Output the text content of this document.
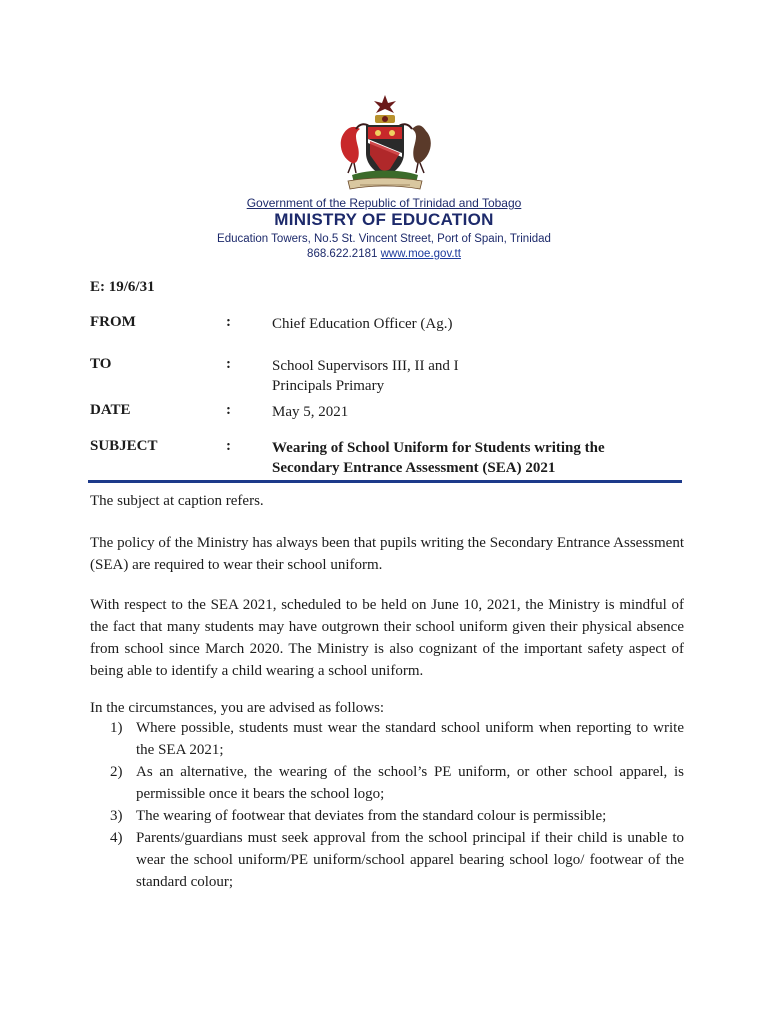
Government of the Republic of Trinidad and Tobago
MINISTRY OF EDUCATION
Education Towers, No.5 St. Vincent Street, Port of Spain, Trinidad
868.622.2181 www.moe.gov.tt
E: 19/6/31
FROM	:	Chief Education Officer (Ag.)
TO	:	School Supervisors III, II and I
Principals Primary
DATE	:	May 5, 2021
SUBJECT	:	Wearing of School Uniform for Students writing the
Secondary Entrance Assessment (SEA) 2021
The subject at caption refers.
The policy of the Ministry has always been that pupils writing the Secondary Entrance Assessment (SEA) are required to wear their school uniform.
With respect to the SEA 2021, scheduled to be held on June 10, 2021, the Ministry is mindful of the fact that many students may have outgrown their school uniform given their physical absence from school since March 2020. The Ministry is also cognizant of the important safety aspect of being able to identify a child wearing a school uniform.
In the circumstances, you are advised as follows:
1) Where possible, students must wear the standard school uniform when reporting to write the SEA 2021;
2) As an alternative, the wearing of the school’s PE uniform, or other school apparel, is permissible once it bears the school logo;
3) The wearing of footwear that deviates from the standard colour is permissible;
4) Parents/guardians must seek approval from the school principal if their child is unable to wear the school uniform/PE uniform/school apparel bearing school logo/ footwear of the standard colour;
